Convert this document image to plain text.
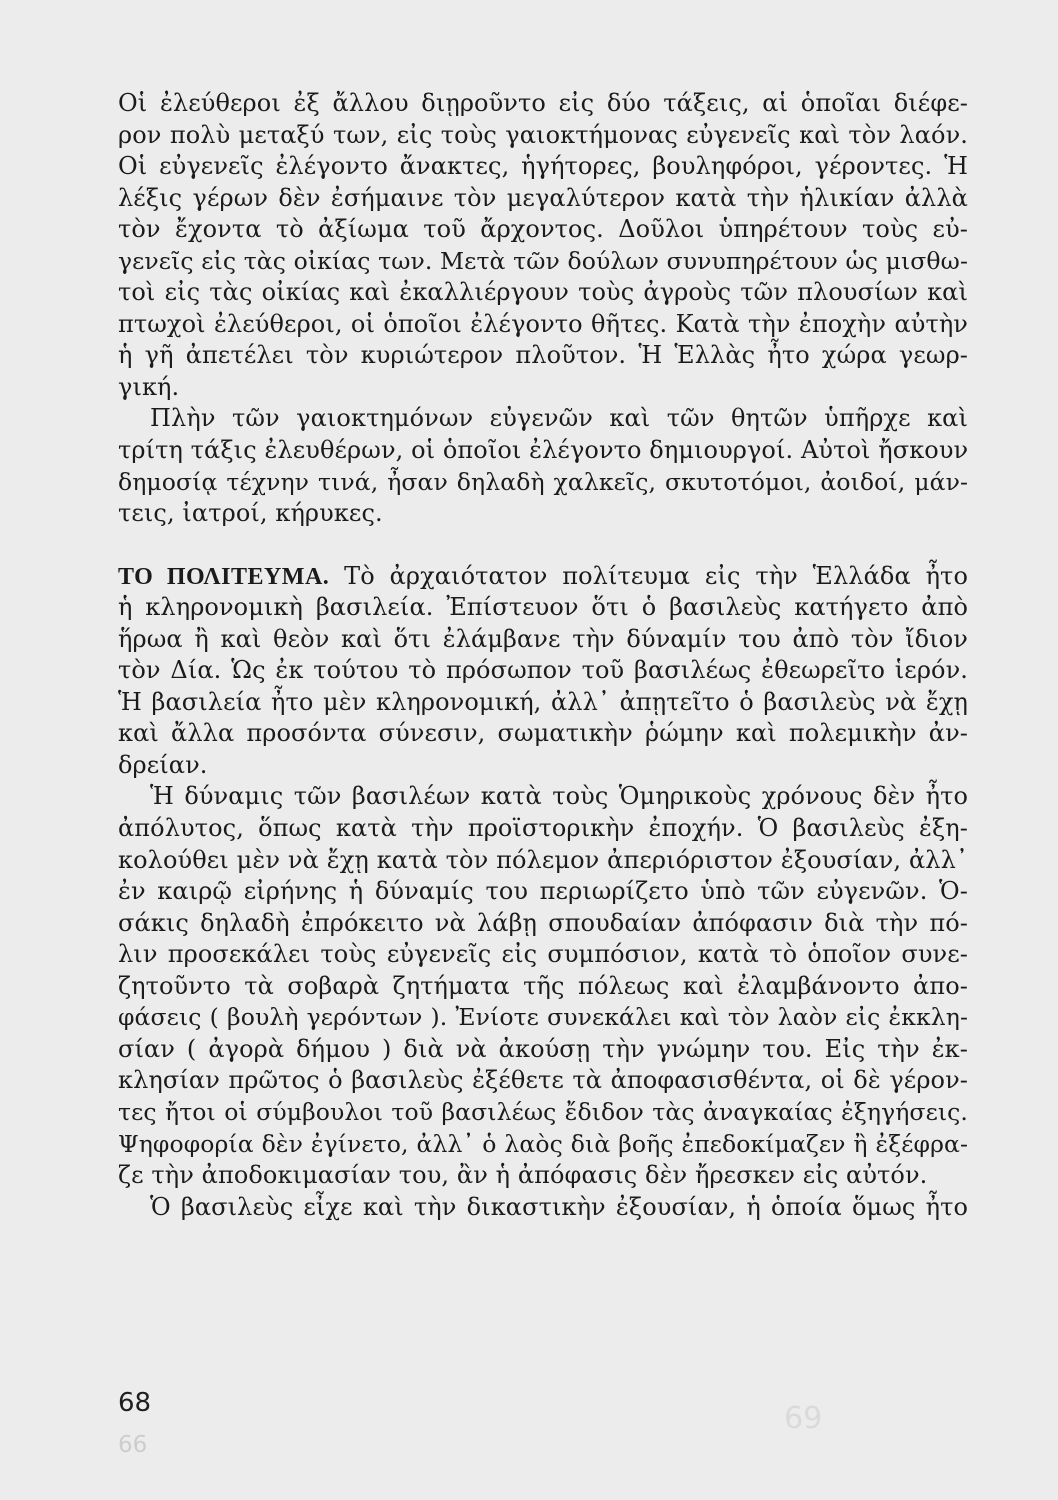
Οἱ ἐλεύθεροι ἐξ ἄλλου διῃροῦντο εἰς δύο τάξεις, αἱ ὁποῖαι διέφε-
ρον πολὺ μεταξύ των, εἰς τοὺς γαιοκτήμονας εὐγενεῖς καὶ τὸν λαόν.
Οἱ εὐγενεῖς ἐλέγοντο ἄνακτες, ἡγήτορες, βουληφόροι, γέροντες. Ἡ
λέξις γέρων δὲν ἐσήμαινε τὸν μεγαλύτερον κατὰ τὴν ἡλικίαν ἀλλὰ
τὸν ἔχοντα τὸ ἀξίωμα τοῦ ἄρχοντος. Δοῦλοι ὑπηρέτουν τοὺς εὐ-
γενεῖς εἰς τὰς οἰκίας των. Μετὰ τῶν δούλων συνυπηρέτουν ὡς μισθω-
τοὶ εἰς τὰς οἰκίας καὶ ἐκαλλιέργουν τοὺς ἀγροὺς τῶν πλουσίων καὶ
πτωχοὶ ἐλεύθεροι, οἱ ὁποῖοι ἐλέγοντο θῆτες. Κατὰ τὴν ἐποχὴν αὐτὴν
ἡ γῆ ἀπετέλει τὸν κυριώτερον πλοῦτον. Ἡ Ἑλλὰς ἦτο χώρα γεωρ-
γική.
Πλὴν τῶν γαιοκτημόνων εὐγενῶν καὶ τῶν θητῶν ὑπῆρχε καὶ
τρίτη τάξις ἐλευθέρων, οἱ ὁποῖοι ἐλέγοντο δημιουργοί. Αὐτοὶ ἤσκουν
δημοσίᾳ τέχνην τινά, ἦσαν δηλαδὴ χαλκεῖς, σκυτοτόμοι, ἀοιδοί, μάν-
τεις, ἰατροί, κήρυκες.
ΤΟ ΠΟΛΙΤΕΥΜΑ. Τὸ ἀρχαιότατον πολίτευμα εἰς τὴν Ἑλλάδα ἦτο
ἡ κληρονομικὴ βασιλεία. Ἐπίστευον ὅτι ὁ βασιλεὺς κατήγετο ἀπὸ
ἥρωα ἢ καὶ θεὸν καὶ ὅτι ἐλάμβανε τὴν δύναμίν του ἀπὸ τὸν ἴδιον
τὸν Δία. Ὡς ἐκ τούτου τὸ πρόσωπον τοῦ βασιλέως ἐθεωρεῖτο ἱερόν.
Ἡ βασιλεία ἦτο μὲν κληρονομική, ἀλλ᾽ ἀπῃτεῖτο ὁ βασιλεὺς νὰ ἔχῃ
καὶ ἄλλα προσόντα σύνεσιν, σωματικὴν ῥώμην καὶ πολεμικὴν ἀν-
δρείαν.
Ἡ δύναμις τῶν βασιλέων κατὰ τοὺς Ὁμηρικοὺς χρόνους δὲν ἦτο
ἀπόλυτος, ὅπως κατὰ τὴν προϊστορικὴν ἐποχήν. Ὁ βασιλεὺς ἐξη-
κολούθει μὲν νὰ ἔχῃ κατὰ τὸν πόλεμον ἀπεριόριστον ἐξουσίαν, ἀλλ᾽
ἐν καιρῷ εἰρήνης ἡ δύναμίς του περιωρίζετο ὑπὸ τῶν εὐγενῶν. Ὁ-
σάκις δηλαδὴ ἐπρόκειτο νὰ λάβῃ σπουδαίαν ἀπόφασιν διὰ τὴν πό-
λιν προσεκάλει τοὺς εὐγενεῖς εἰς συμπόσιον, κατὰ τὸ ὁποῖον συνε-
ζητοῦντο τὰ σοβαρὰ ζητήματα τῆς πόλεως καὶ ἐλαμβάνοντο ἀπο-
φάσεις ( βουλὴ γερόντων ). Ἐνίοτε συνεκάλει καὶ τὸν λαὸν εἰς ἐκκλη-
σίαν ( ἀγορὰ δήμου ) διὰ νὰ ἀκούσῃ τὴν γνώμην του. Εἰς τὴν ἐκ-
κλησίαν πρῶτος ὁ βασιλεὺς ἐξέθετε τὰ ἀποφασισθέντα, οἱ δὲ γέρον-
τες ἤτοι οἱ σύμβουλοι τοῦ βασιλέως ἔδιδον τὰς ἀναγκαίας ἐξηγήσεις.
Ψηφοφορία δὲν ἐγίνετο, ἀλλ᾽ ὁ λαὸς διὰ βοῆς ἐπεδοκίμαζεν ἢ ἐξέφρα-
ζε τὴν ἀποδοκιμασίαν του, ἂν ἡ ἀπόφασις δὲν ἤρεσκεν εἰς αὐτόν.
Ὁ βασιλεὺς εἶχε καὶ τὴν δικαστικὴν ἐξουσίαν, ἡ ὁποία ὅμως ἦτο
68
66
69
